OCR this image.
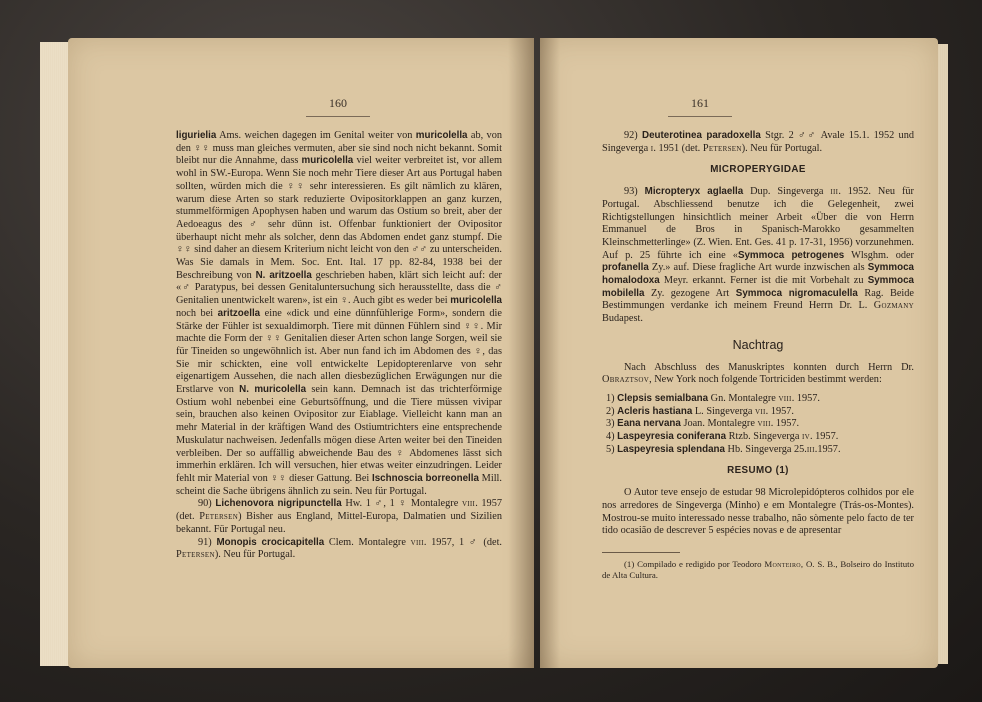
160

ligurielia Ams. weichen dagegen im Genital weiter von muricolella ab, von den ♀♀ muss man gleiches vermuten, aber sie sind noch nicht bekannt. Somit bleibt nur die Annahme, dass muricolella viel weiter verbreitet ist, vor allem wohl in SW.-Europa. Wenn Sie noch mehr Tiere dieser Art aus Portugal haben sollten, würden mich die ♀♀ sehr interessieren. Es gilt nämlich zu klären, warum diese Arten so stark reduzierte Ovipositorklappen an ganz kurzen, stummelförmigen Apophysen haben und warum das Ostium so breit, aber der Aedoeagus des ♂ sehr dünn ist. Offenbar funktioniert der Ovipositor überhaupt nicht mehr als solcher, denn das Abdomen endet ganz stumpf. Die ♀♀ sind daher an diesem Kriterium nicht leicht von den ♂♂ zu unterscheiden. Was Sie damals in Mem. Soc. Ent. Ital. 17 pp. 82-84, 1938 bei der Beschreibung von N. aritzoella geschrieben haben, klärt sich leicht auf: der «♂ Paratypus, bei dessen Genitaluntersuchung sich herausstellte, dass die ♂ Genitalien unentwickelt waren», ist ein ♀. Auch gibt es weder bei muricolella noch bei aritzoella eine «dick und eine dünnfühlerige Form», sondern die Stärke der Fühler ist sexualdimorph. Tiere mit dünnen Fühlern sind ♀♀. Mir machte die Form der ♀♀ Genitalien dieser Arten schon lange Sorgen, weil sie für Tineiden so ungewöhnlich ist. Aber nun fand ich im Abdomen des ♀, das Sie mir schickten, eine voll entwickelte Lepidopterenlarve von sehr eigenartigem Aussehen, die nach allen diesbezüglichen Erwägungen nur die Erstlarve von N. muricolella sein kann. Demnach ist das trichterförmige Ostium wohl nebenbei eine Geburtsöffnung, und die Tiere müssen vivipar sein, brauchen also keinen Ovipositor zur Eiablage. Vielleicht kann man an mehr Material in der kräftigen Wand des Ostiumtrichters eine entsprechende Muskulatur nachweisen. Jedenfalls mögen diese Arten weiter bei den Tineiden verbleiben. Der so auffällig abweichende Bau des ♀ Abdomenes lässt sich immerhin erklären. Ich will versuchen, hier etwas weiter einzudringen. Leider fehlt mir Material von ♀♀ dieser Gattung. Bei Ischnoscia borreonella Mill. scheint die Sache übrigens ähnlich zu sein. Neu für Portugal.

90) Lichenovora nigripunctella Hw. 1 ♂, 1 ♀ Montalegre viii. 1957 (det. Petersen) Bisher aus England, Mittel-Europa, Dalmatien und Sizilien bekannt. Für Portugal neu.

91) Monopis crocicapitella Clem. Montalegre viii. 1957, 1 ♂ (det. Petersen). Neu für Portugal.

161

92) Deuterotinea paradoxella Stgr. 2 ♂♂ Avale 15.1. 1952 und Singeverga i. 1951 (det. Petersen). Neu für Portugal.

MICROPERYGIDAE

93) Micropteryx aglaella Dup. Singeverga iii. 1952. Neu für Portugal. Abschliessend benutze ich die Gelegenheit, zwei Richtigstellungen hinsichtlich meiner Arbeit «Über die von Herrn Emmanuel de Bros in Spanisch-Marokko gesammelten Kleinschmetterlinge» (Z. Wien. Ent. Ges. 41 p. 17-31, 1956) vorzunehmen. Auf p. 25 führte ich eine «Symmoca petrogenes Wlsghm. oder profanella Zy.» auf. Diese fragliche Art wurde inzwischen als Symmoca homalodoxa Meyr. erkannt. Ferner ist die mit Vorbehalt zu Symmoca mobilella Zy. gezogene Art Symmoca nigromaculella Rag. Beide Bestimmungen verdanke ich meinem Freund Herrn Dr. L. Gozmany Budapest.

Nachtrag

Nach Abschluss des Manuskriptes konnten durch Herrn Dr. Obraztsov, New York noch folgende Tortriciden bestimmt werden:

1) Clepsis semialbana Gn. Montalegre viii. 1957.
2) Acleris hastiana L. Singeverga vii. 1957.
3) Eana nervana Joan. Montalegre viii. 1957.
4) Laspeyresia coniferana Rtzb. Singeverga iv. 1957.
5) Laspeyresia splendana Hb. Singeverga 25.iii.1957.
RESUMO (1)

O Autor teve ensejo de estudar 98 Microlepidópteros colhidos por ele nos arredores de Singeverga (Minho) e em Montalegre (Trás-os-Montes). Mostrou-se muito interessado nesse trabalho, não sòmente pelo facto de ter tido ocasião de descrever 5 espécies novas e de apresentar

(1) Compilado e redigido por Teodoro Monteiro, O. S. B., Bolseiro do Instituto de Alta Cultura.
